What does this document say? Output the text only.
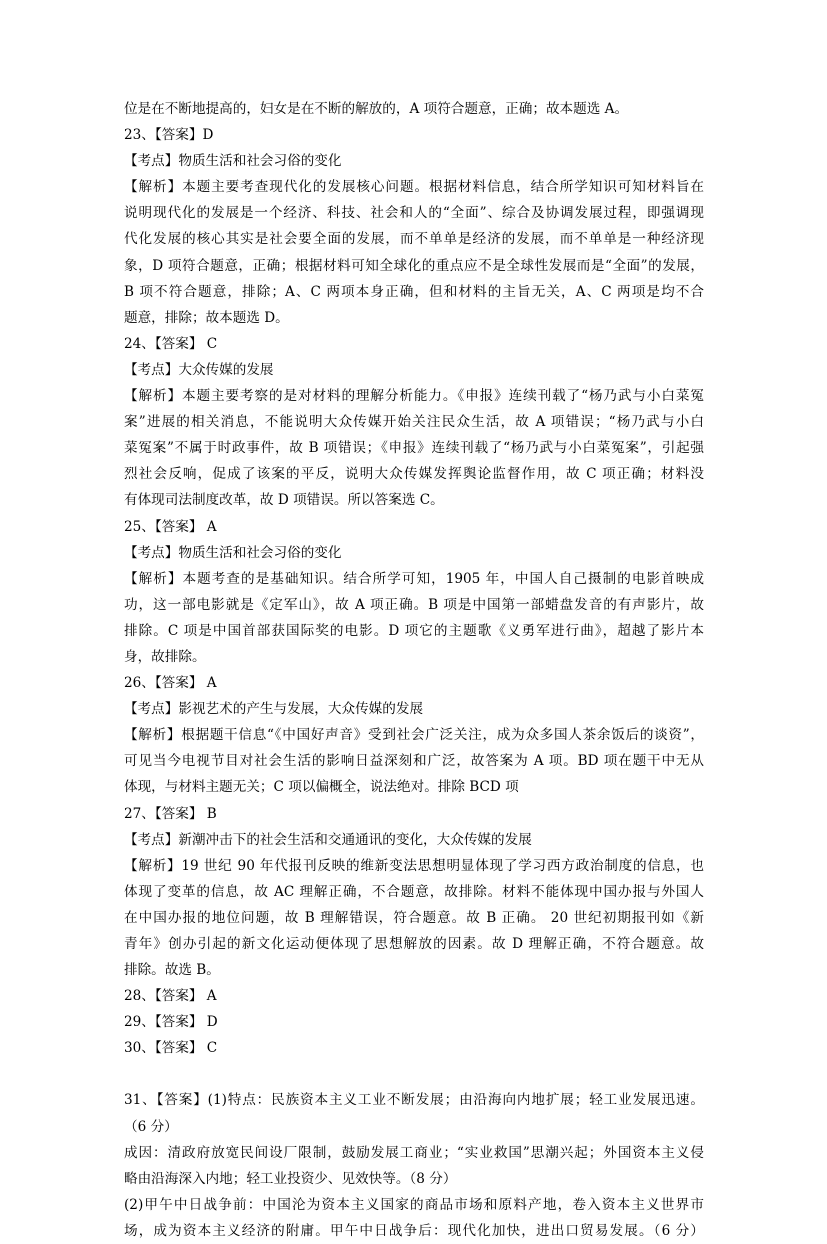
位是在不断地提高的，妇女是在不断的解放的，A 项符合题意，正确；故本题选 A。
23、【答案】D
【考点】物质生活和社会习俗的变化
【解析】本题主要考查现代化的发展核心问题。根据材料信息，结合所学知识可知材料旨在
说明现代化的发展是一个经济、科技、社会和人的“全面”、综合及协调发展过程，即强调现
代化发展的核心其实是社会要全面的发展，而不单单是经济的发展，而不单单是一种经济现
象，D 项符合题意，正确；根据材料可知全球化的重点应不是全球性发展而是“全面”的发展，
B 项不符合题意，排除；A、C 两项本身正确，但和材料的主旨无关，A、C 两项是均不合
题意，排除；故本题选 D。
24、【答案】 C
【考点】大众传媒的发展
【解析】本题主要考察的是对材料的理解分析能力。《申报》连续刊载了“杨乃武与小白菜冤
案”进展的相关消息，不能说明大众传媒开始关注民众生活，故 A 项错误；“杨乃武与小白
菜冤案”不属于时政事件，故 B 项错误；《申报》连续刊载了“杨乃武与小白菜冤案”，引起强
烈社会反响，促成了该案的平反，说明大众传媒发挥舆论监督作用，故 C 项正确；材料没
有体现司法制度改革，故 D 项错误。所以答案选 C。
25、【答案】 A
【考点】物质生活和社会习俗的变化
【解析】本题考查的是基础知识。结合所学可知，1905 年，中国人自己摄制的电影首映成
功，这一部电影就是《定军山》，故 A 项正确。B 项是中国第一部蜡盘发音的有声影片，故
排除。C 项是中国首部获国际奖的电影。D 项它的主题歌《义勇军进行曲》，超越了影片本
身，故排除。
26、【答案】 A
【考点】影视艺术的产生与发展，大众传媒的发展
【解析】根据题干信息“《中国好声音》受到社会广泛关注，成为众多国人茶余饭后的谈资”，
可见当今电视节目对社会生活的影响日益深刻和广泛，故答案为 A 项。BD 项在题干中无从
体现，与材料主题无关；C 项以偏概全，说法绝对。排除 BCD 项
27、【答案】 B
【考点】新潮冲击下的社会生活和交通通讯的变化，大众传媒的发展
【解析】19 世纪 90 年代报刊反映的维新变法思想明显体现了学习西方政治制度的信息，也
体现了变革的信息，故 AC 理解正确，不合题意，故排除。材料不能体现中国办报与外国人
在中国办报的地位问题，故 B 理解错误，符合题意。故 B 正确。 20 世纪初期报刊如《新
青年》创办引起的新文化运动便体现了思想解放的因素。故 D 理解正确，不符合题意。故
排除。故选 B。
28、【答案】 A
29、【答案】 D
30、【答案】 C
31、【答案】(1)特点：民族资本主义工业不断发展；由沿海向内地扩展；轻工业发展迅速。
（6 分）
成因：清政府放宽民间设厂限制，鼓励发展工商业；“实业救国”思潮兴起；外国资本主义侵
略由沿海深入内地；轻工业投资少、见效快等。（8 分）
(2)甲午中日战争前：中国沦为资本主义国家的商品市场和原料产地，卷入资本主义世界市
场，成为资本主义经济的附庸。甲午中日战争后：现代化加快，进出口贸易发展。（6 分）
